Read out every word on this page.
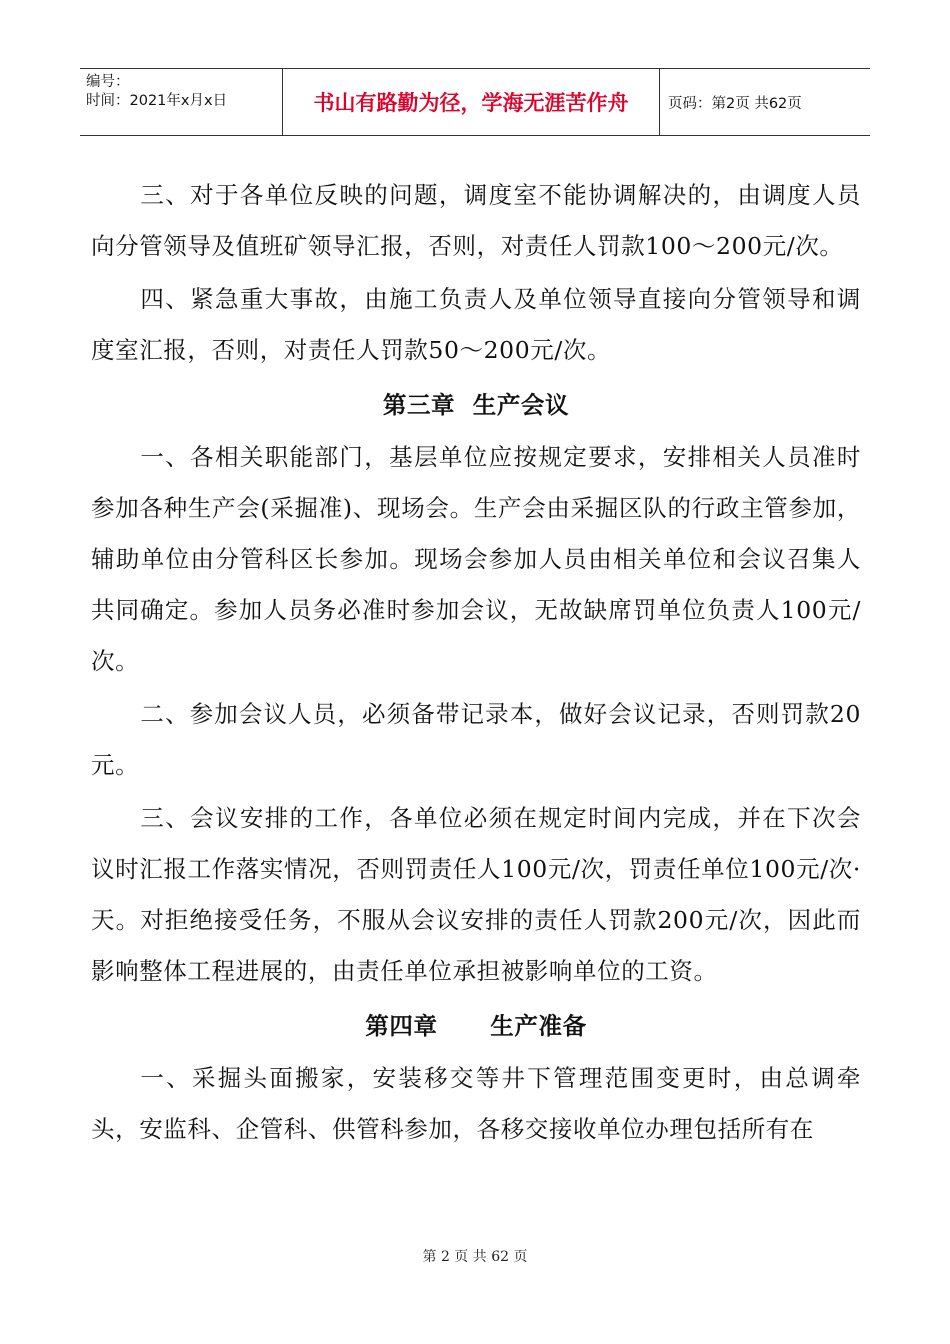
编号：
时间：2021年x月x日	书山有路勤为径，学海无涯苦作舟	页码：第2页 共62页

三、对于各单位反映的问题，调度室不能协调解决的，由调度人员向分管领导及值班矿领导汇报，否则，对责任人罚款100～200元/次。

四、紧急重大事故，由施工负责人及单位领导直接向分管领导和调度室汇报，否则，对责任人罚款50～200元/次。

第三章  生产会议

一、各相关职能部门，基层单位应按规定要求，安排相关人员准时参加各种生产会(采掘准)、现场会。生产会由采掘区队的行政主管参加，辅助单位由分管科区长参加。现场会参加人员由相关单位和会议召集人共同确定。参加人员务必准时参加会议，无故缺席罚单位负责人100元/次。

二、参加会议人员，必须备带记录本，做好会议记录，否则罚款20元。

三、会议安排的工作，各单位必须在规定时间内完成，并在下次会议时汇报工作落实情况，否则罚责任人100元/次，罚责任单位100元/次·天。对拒绝接受任务，不服从会议安排的责任人罚款200元/次，因此而影响整体工程进展的，由责任单位承担被影响单位的工资。

第四章      生产准备

一、采掘头面搬家，安装移交等井下管理范围变更时，由总调牵头，安监科、企管科、供管科参加，各移交接收单位办理包括所有在

第 2 页 共 62 页
